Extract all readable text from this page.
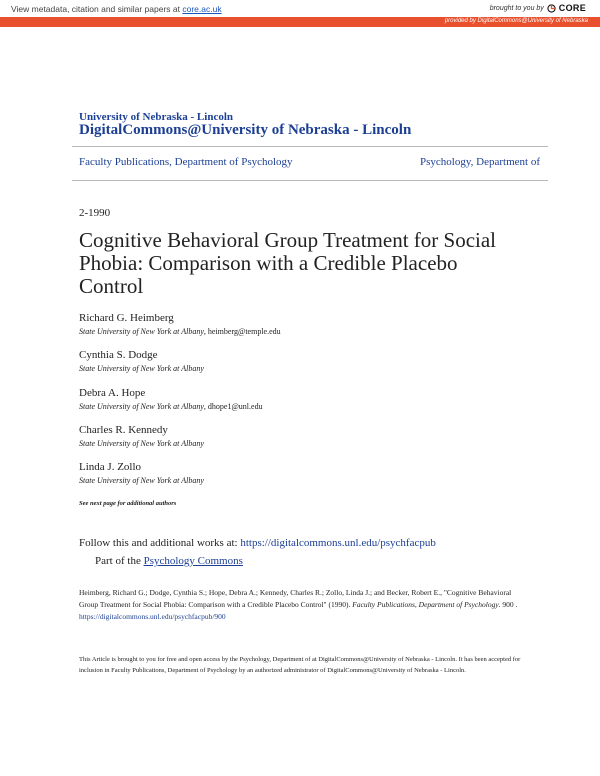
View metadata, citation and similar papers at core.ac.uk	brought to you by CORE
provided by DigitalCommons@University of Nebraska
University of Nebraska - Lincoln
DigitalCommons@University of Nebraska - Lincoln
Faculty Publications, Department of Psychology	Psychology, Department of
2-1990
Cognitive Behavioral Group Treatment for Social Phobia: Comparison with a Credible Placebo Control
Richard G. Heimberg
State University of New York at Albany, heimberg@temple.edu
Cynthia S. Dodge
State University of New York at Albany
Debra A. Hope
State University of New York at Albany, dhope1@unl.edu
Charles R. Kennedy
State University of New York at Albany
Linda J. Zollo
State University of New York at Albany
See next page for additional authors
Follow this and additional works at: https://digitalcommons.unl.edu/psychfacpub
Part of the Psychology Commons
Heimberg, Richard G.; Dodge, Cynthia S.; Hope, Debra A.; Kennedy, Charles R.; Zollo, Linda J.; and Becker, Robert E., "Cognitive Behavioral Group Treatment for Social Phobia: Comparison with a Credible Placebo Control" (1990). Faculty Publications, Department of Psychology. 900 .
https://digitalcommons.unl.edu/psychfacpub/900
This Article is brought to you for free and open access by the Psychology, Department of at DigitalCommons@University of Nebraska - Lincoln. It has been accepted for inclusion in Faculty Publications, Department of Psychology by an authorized administrator of DigitalCommons@University of Nebraska - Lincoln.
